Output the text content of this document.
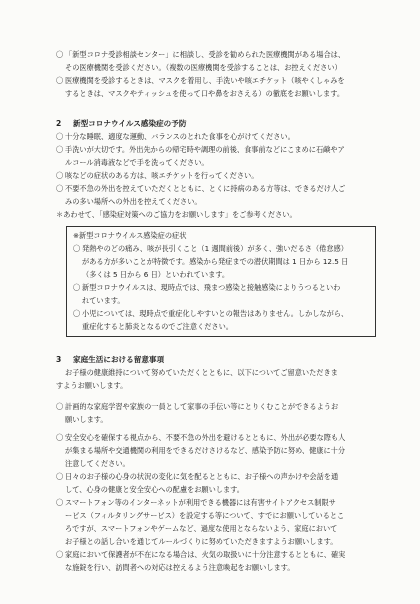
〇 「新型コロナ受診相談センター」に相談し、受診を勧められた医療機関がある場合は、
その医療機関を受診ください。（複数の医療機関を受診することは、お控えください）
〇 医療機関を受診するときは、マスクを着用し、手洗いや咳エチケット（咳やくしゃみを
するときは、マスクやティッシュを使って口や鼻をおさえる）の徹底をお願いします。

2 新型コロナウイルス感染症の予防

〇 十分な睡眠、適度な運動、バランスのとれた食事を心がけてください。
〇 手洗いが大切です。外出先からの帰宅時や調理の前後、食事前などにこまめに石鹸やア
ルコール消毒液などで手を洗ってください。
〇 咳などの症状のある方は、咳エチケットを行ってください。
〇 不要不急の外出を控えていただくとともに、とくに持病のある方等は、できるだけ人ご
みの多い場所への外出を控えてください。

＊あわせて、「感染症対策へのご協力をお願いします」をご参考ください。

※新型コロナウイルス感染症の症状

〇 発熱やのどの痛み、咳が長引くこと（1 週間前後）が多く、強いだるさ（倦怠感）
がある方が多いことが特徴です。感染から発症までの潜伏期間は 1 日から 12.5 日
（多くは 5 日から 6 日）といわれています。
〇 新型コロナウイルスは、現時点では、飛まつ感染と接触感染によりうつるといわ
れています。
〇 小児については、現時点で重症化しやすいとの報告はありません。しかしながら、
重症化すると肺炎となるのでご注意ください。

3 家庭生活における留意事項

お子様の健康維持について努めていただくとともに、以下についてご留意いただきま
すようお願いします。
〇 計画的な家庭学習や家族の一員として家事の手伝い等にとりくむことができるようお
願いします。
〇 安全安心を確保する視点から、不要不急の外出を避けるとともに、外出が必要な際も人
が集まる場所や交通機関の利用をできるだけさけるなど、感染予防に努め、健康に十分
注意してください。
〇 日々のお子様の心身の状況の変化に気を配るとともに、お子様への声かけや会話を通
して、心身の健康と安全安心への配慮をお願いします。
〇 スマートフォン等のインターネットが利用できる機器には有害サイトアクセス制限サ
ービス（フィルタリングサービス）を設定する等について、すでにお願いしているとこ
ろですが、スマートフォンやゲームなど、過度な使用とならないよう、家庭において
お子様との話し合いを通じてルールづくりに努めていただきますようお願いします。
〇 家庭において保護者が不在になる場合は、火気の取扱いに十分注意するとともに、確実
な施錠を行い、訪問者への対応は控えるよう注意喚起をお願いします。
